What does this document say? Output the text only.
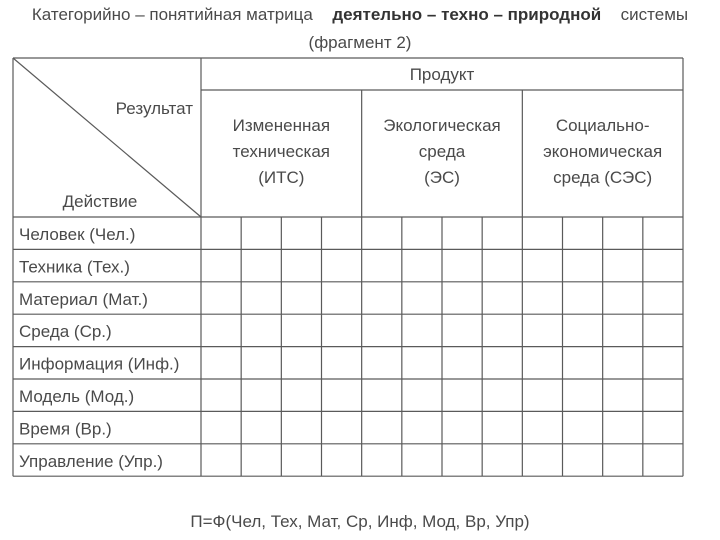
Категорийно – понятийная матрица деятельно – техно – природной системы
(фрагмент 2)
Результат
Действие
Продукт
Измененная
техническая
(ИТС)
Экологическая
среда
(ЭС)
Социально-
экономическая
среда (СЭС)
Человек (Чел.)
Техника (Тех.)
Материал (Мат.)
Среда (Ср.)
Информация (Инф.)
Модель (Мод.)
Время (Вр.)
Управление (Упр.)
П=Ф(Чел, Тех, Мат, Ср, Инф, Мод, Вр, Упр)
